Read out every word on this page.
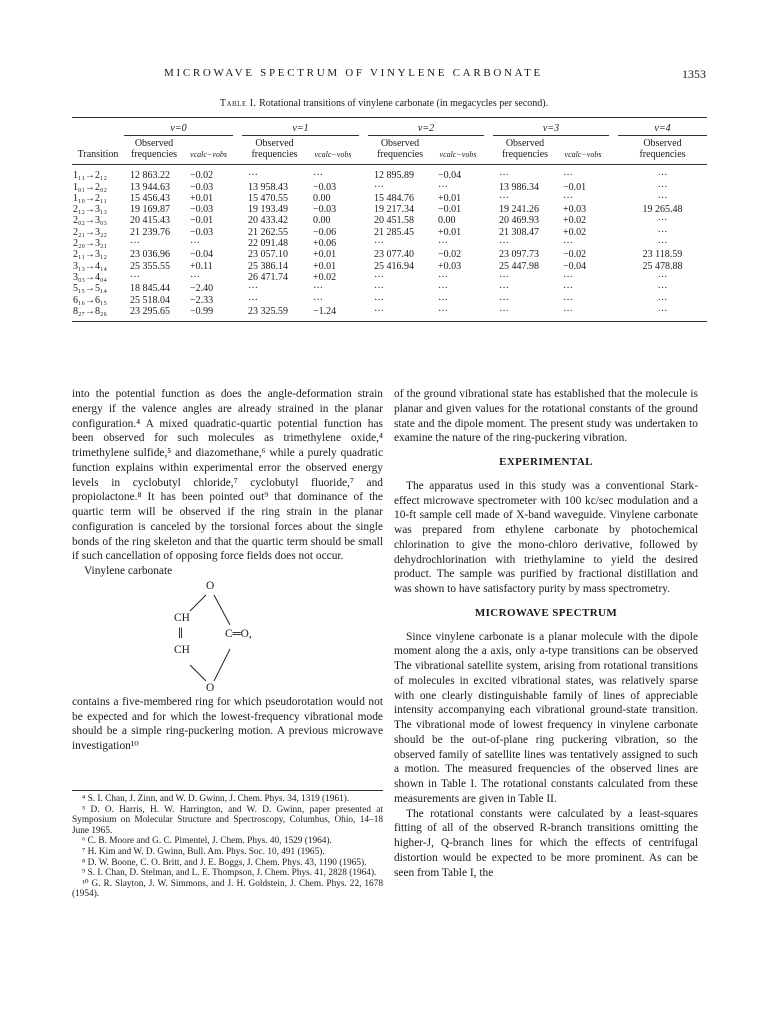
MICROWAVE SPECTRUM OF VINYLENE CARBONATE	1353
Table I. Rotational transitions of vinylene carbonate (in megacycles per second).

	v=0			v=1			v=2			v=3			v=4
Transition	Observed
frequencies	νcalc−νobs		Observed
frequencies	νcalc−νobs		Observed
frequencies	νcalc−νobs		Observed
frequencies	νcalc−νobs		Observed
frequencies

1₁₁→2₁₂	12 863.22	−0.02		···	···		12 895.89	−0.04		···	···		···
1₀₁→2₀₂	13 944.63	−0.03		13 958.43	−0.03		···	···		13 986.34	−0.01		···
1₁₀→2₁₁	15 456.43	+0.01		15 470.55	0.00		15 484.76	+0.01		···	···		···
2₁₂→3₁₃	19 169.87	−0.03		19 193.49	−0.03		19 217.34	−0.01		19 241.26	+0.03		19 265.48
2₀₂→3₀₃	20 415.43	−0.01		20 433.42	0.00		20 451.58	0.00		20 469.93	+0.02		···
2₂₁→3₂₂	21 239.76	−0.03		21 262.55	−0.06		21 285.45	+0.01		21 308.47	+0.02		···
2₂₀→3₂₁	···	···		22 091.48	+0.06		···	···		···	···		···
2₁₁→3₁₂	23 036.96	−0.04		23 057.10	+0.01		23 077.40	−0.02		23 097.73	−0.02		23 118.59
3₁₃→4₁₄	25 355.55	+0.11		25 386.14	+0.01		25 416.94	+0.03		25 447.98	−0.04		25 478.88
3₀₃→4₀₄	···	···		26 471.74	+0.02		···	···		···	···		···
5₁₅→5₁₄	18 845.44	−2.40		···	···		···	···		···	···		···
6₁₆→6₁₅	25 518.04	−2.33		···	···		···	···		···	···		···
8₂₇→8₂₆	23 295.65	−0.99		23 325.59	−1.24		···	···		···	···		···

into the potential function as does the angle-deformation strain energy if the valence angles are already strained in the planar configuration.⁴ A mixed quadratic-quartic potential function has been observed for such molecules as trimethylene oxide,⁴ trimethylene sulfide,⁵ and diazomethane,⁶ while a purely quadratic function explains within experimental error the observed energy levels in cyclobutyl chloride,⁷ cyclobutyl fluoride,⁷ and propiolactone.⁸ It has been pointed out⁹ that dominance of the quartic term will be observed if the ring strain in the planar configuration is canceled by the torsional forces about the single bonds of the ring skeleton and that the quartic term should be small if such cancellation of opposing force fields does not occur.

Vinylene carbonate

O
CH
∥	C═O,
CH
O

contains a five-membered ring for which pseudorotation would not be expected and for which the lowest-frequency vibrational mode should be a simple ring-puckering motion. A previous microwave investigation¹⁰

⁴ S. I. Chan, J. Zinn, and W. D. Gwinn, J. Chem. Phys. 34, 1319 (1961).

⁵ D. O. Harris, H. W. Harrington, and W. D. Gwinn, paper presented at Symposium on Molecular Structure and Spectroscopy, Columbus, Ohio, 14–18 June 1965.

⁶ C. B. Moore and G. C. Pimentel, J. Chem. Phys. 40, 1529 (1964).

⁷ H. Kim and W. D. Gwinn, Bull. Am. Phys. Soc. 10, 491 (1965).

⁸ D. W. Boone, C. O. Britt, and J. E. Boggs, J. Chem. Phys. 43, 1190 (1965).

⁹ S. I. Chan, D. Stelman, and L. E. Thompson, J. Chem. Phys. 41, 2828 (1964).

¹⁰ G. R. Slayton, J. W. Simmons, and J. H. Goldstein, J. Chem. Phys. 22, 1678 (1954).

of the ground vibrational state has established that the molecule is planar and given values for the rotational constants of the ground state and the dipole moment. The present study was undertaken to examine the nature of the ring-puckering vibration.

EXPERIMENTAL

The apparatus used in this study was a conventional Stark-effect microwave spectrometer with 100 kc/sec modulation and a 10-ft sample cell made of X-band waveguide. Vinylene carbonate was prepared from ethylene carbonate by photochemical chlorination to give the mono-chloro derivative, followed by dehydrochlorination with triethylamine to yield the desired product. The sample was purified by fractional distillation and was shown to have satisfactory purity by mass spectrometry.

MICROWAVE SPECTRUM

Since vinylene carbonate is a planar molecule with the dipole moment along the a axis, only a-type transitions can be observed The vibrational satellite system, arising from rotational transitions of molecules in excited vibrational states, was relatively sparse with one clearly distinguishable family of lines of appreciable intensity accompanying each vibrational ground-state transition. The vibrational mode of lowest frequency in vinylene carbonate should be the out-of-plane ring puckering vibration, so the observed family of satellite lines was tentatively assigned to such a motion. The measured frequencies of the observed lines are shown in Table I. The rotational constants calculated from these measurements are given in Table II.

The rotational constants were calculated by a least-squares fitting of all of the observed R-branch transitions omitting the higher-J, Q-branch lines for which the effects of centrifugal distortion would be expected to be more prominent. As can be seen from Table I, the
